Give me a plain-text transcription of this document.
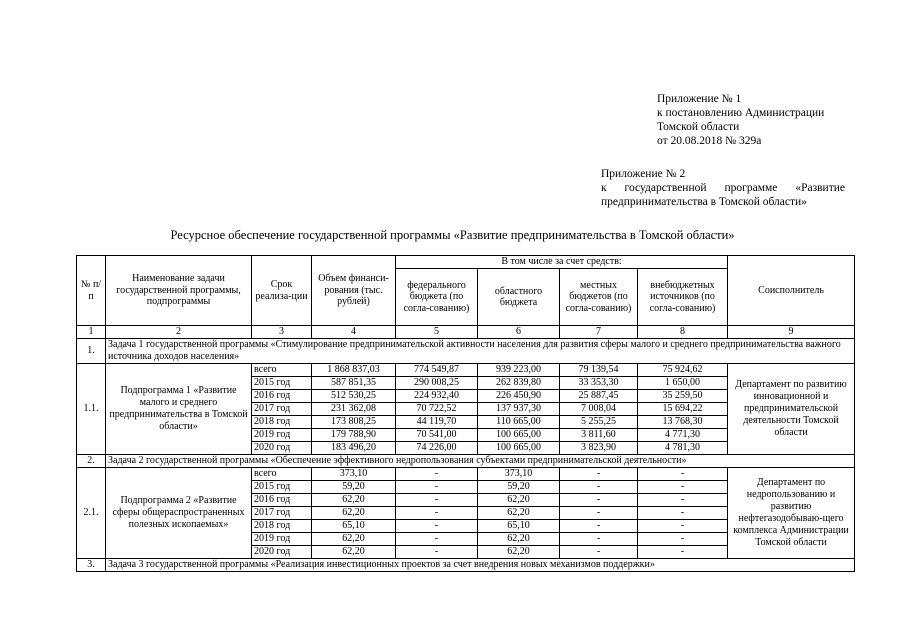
Приложение № 1
к постановлению Администрации
Томской области
от 20.08.2018 № 329а
Приложение № 2
к государственной программе «Развитие
предпринимательства в Томской области»
Ресурсное обеспечение государственной программы «Развитие предпринимательства в Томской области»
№ п/п	Наименование задачи государственной программы, подпрограммы	Срок реализа-ции	Объем финанси-рования (тыс. рублей)	В том числе за счет средств:				Соисполнитель
				федерального бюджета (по согла-сованию)	областного бюджета	местных бюджетов (по согла-сованию)	внебюджетных источников (по согла-сованию)	
1	2	3	4	5	6	7	8	9
1.	Задача 1 государственной программы «Стимулирование предпринимательской активности населения для развития сферы малого и среднего предпринимательства важного источника доходов населения»							
1.1.	Подпрограмма 1 «Развитие малого и среднего предпринимательства в Томской области»	всего	1 868 837,03	774 549,87	939 223,00	79 139,54	75 924,62	Департамент по развитию инновационной и предпринимательской деятельности Томской области
		2015 год	587 851,35	290 008,25	262 839,80	33 353,30	1 650,00	
		2016 год	512 530,25	224 932,40	226 450,90	25 887,45	35 259,50	
		2017 год	231 362,08	70 722,52	137 937,30	7 008,04	15 694,22	
		2018 год	173 808,25	44 119,70	110 665,00	5 255,25	13 768,30	
		2019 год	179 788,90	70 541,00	100 665,00	3 811,60	4 771,30	
		2020 год	183 496,20	74 226,00	100 665,00	3 823,90	4 781,30	
2.	Задача 2 государственной программы «Обеспечение эффективного недропользования субъектами предпринимательской деятельности»							
2.1.	Подпрограмма 2 «Развитие сферы общераспространенных полезных ископаемых»	всего	373,10	-	373,10	-	-	Департамент по недропользованию и развитию нефтегазодобываю-щего комплекса Администрации Томской области
		2015 год	59,20	-	59,20	-	-	
		2016 год	62,20	-	62,20	-	-	
		2017 год	62,20	-	62,20	-	-	
		2018 год	65,10	-	65,10	-	-	
		2019 год	62,20	-	62,20	-	-	
		2020 год	62,20	-	62,20	-	-	
3.	Задача 3 государственной программы «Реализация инвестиционных проектов за счет внедрения новых механизмов поддержки»							
